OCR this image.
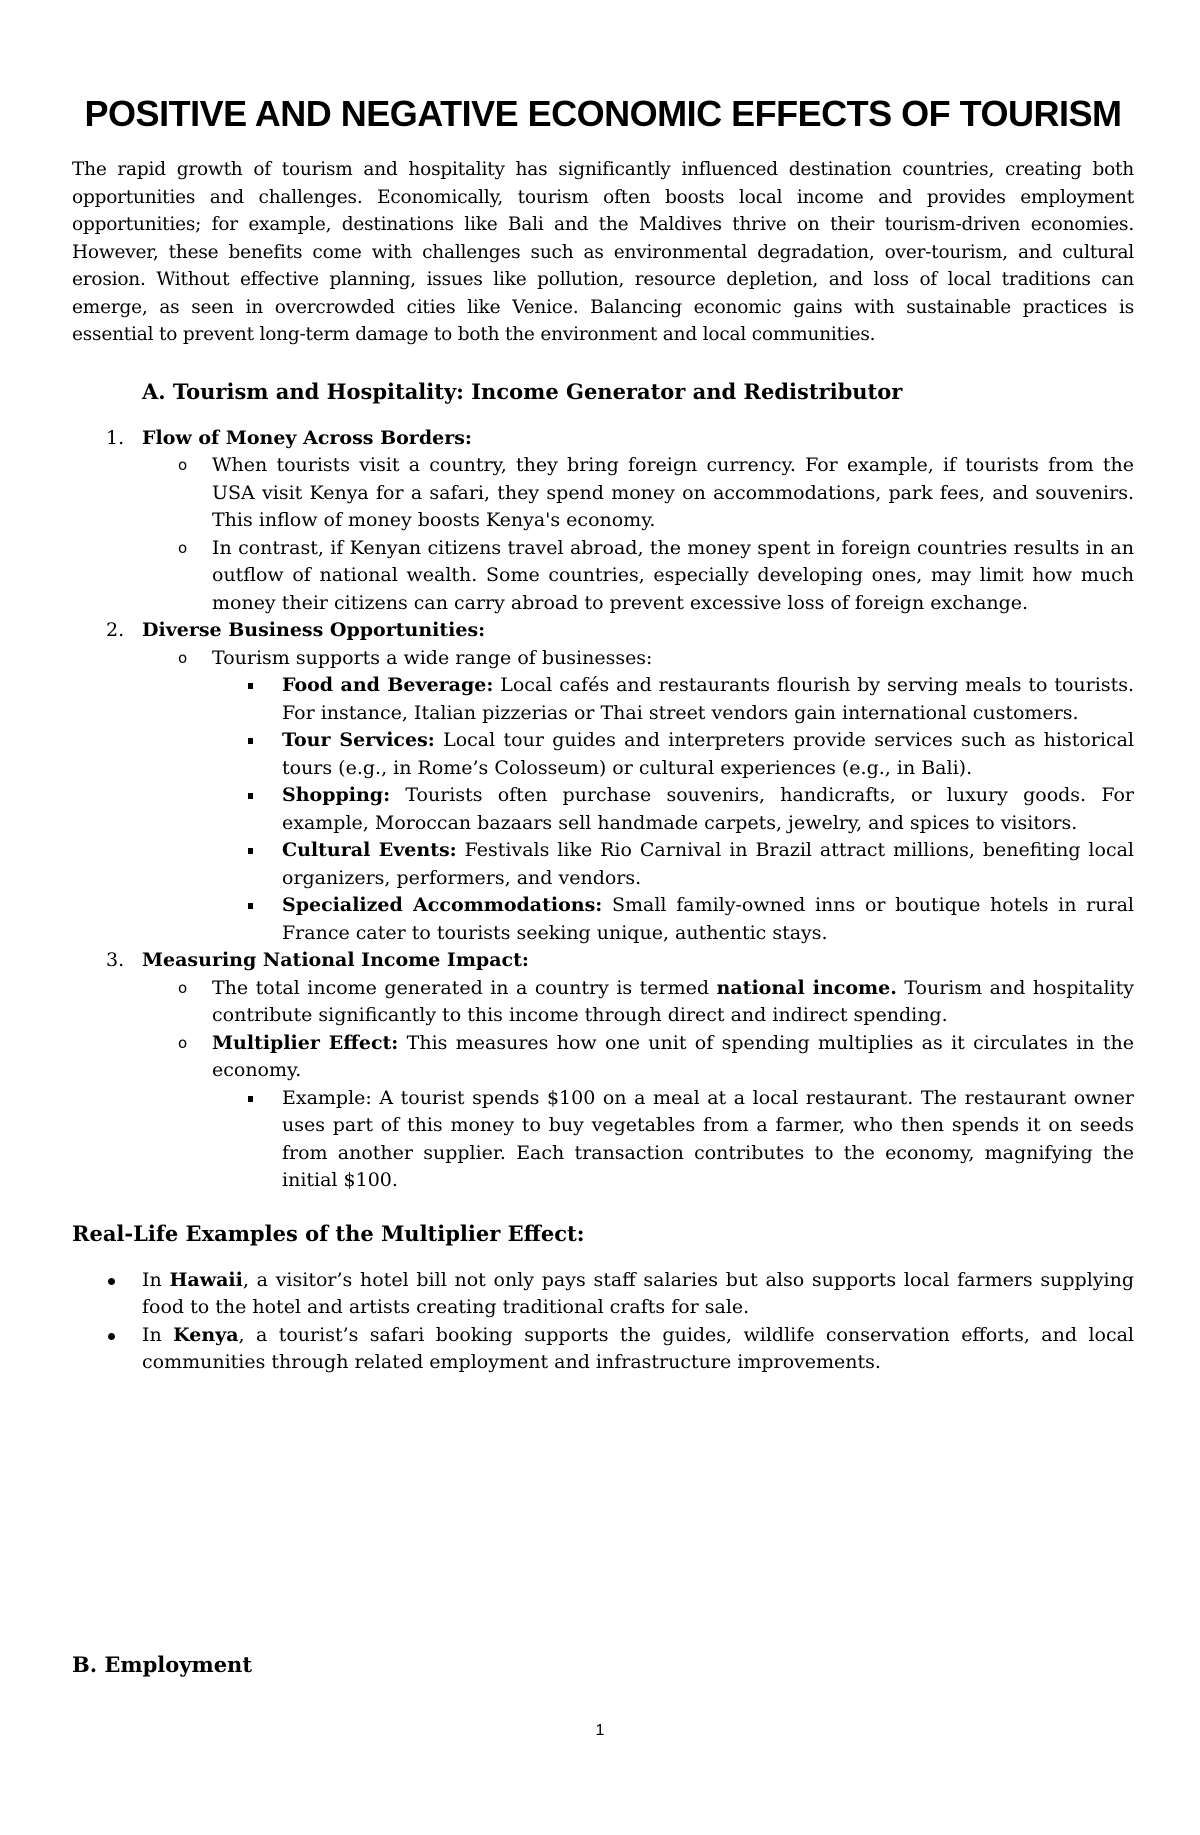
POSITIVE AND NEGATIVE ECONOMIC EFFECTS OF TOURISM

The rapid growth of tourism and hospitality has significantly influenced destination countries, creating both opportunities and challenges. Economically, tourism often boosts local income and provides employment opportunities; for example, destinations like Bali and the Maldives thrive on their tourism-driven economies. However, these benefits come with challenges such as environmental degradation, over-tourism, and cultural erosion. Without effective planning, issues like pollution, resource depletion, and loss of local traditions can emerge, as seen in overcrowded cities like Venice. Balancing economic gains with sustainable practices is essential to prevent long-term damage to both the environment and local communities.

A. Tourism and Hospitality: Income Generator and Redistributor
1. Flow of Money Across Borders:
o When tourists visit a country, they bring foreign currency. For example, if tourists from the USA visit Kenya for a safari, they spend money on accommodations, park fees, and souvenirs. This inflow of money boosts Kenya's economy.
o In contrast, if Kenyan citizens travel abroad, the money spent in foreign countries results in an outflow of national wealth. Some countries, especially developing ones, may limit how much money their citizens can carry abroad to prevent excessive loss of foreign exchange.
2. Diverse Business Opportunities:
o Tourism supports a wide range of businesses:
Food and Beverage: Local cafés and restaurants flourish by serving meals to tourists. For instance, Italian pizzerias or Thai street vendors gain international customers.
Tour Services: Local tour guides and interpreters provide services such as historical tours (e.g., in Rome’s Colosseum) or cultural experiences (e.g., in Bali).
Shopping: Tourists often purchase souvenirs, handicrafts, or luxury goods. For example, Moroccan bazaars sell handmade carpets, jewelry, and spices to visitors.
Cultural Events: Festivals like Rio Carnival in Brazil attract millions, benefiting local organizers, performers, and vendors.
Specialized Accommodations: Small family-owned inns or boutique hotels in rural France cater to tourists seeking unique, authentic stays.
3. Measuring National Income Impact:
o The total income generated in a country is termed national income. Tourism and hospitality contribute significantly to this income through direct and indirect spending.
o Multiplier Effect: This measures how one unit of spending multiplies as it circulates in the economy.
Example: A tourist spends $100 on a meal at a local restaurant. The restaurant owner uses part of this money to buy vegetables from a farmer, who then spends it on seeds from another supplier. Each transaction contributes to the economy, magnifying the initial $100.
Real-Life Examples of the Multiplier Effect:
In Hawaii, a visitor’s hotel bill not only pays staff salaries but also supports local farmers supplying food to the hotel and artists creating traditional crafts for sale.
In Kenya, a tourist’s safari booking supports the guides, wildlife conservation efforts, and local communities through related employment and infrastructure improvements.
B. Employment
1
